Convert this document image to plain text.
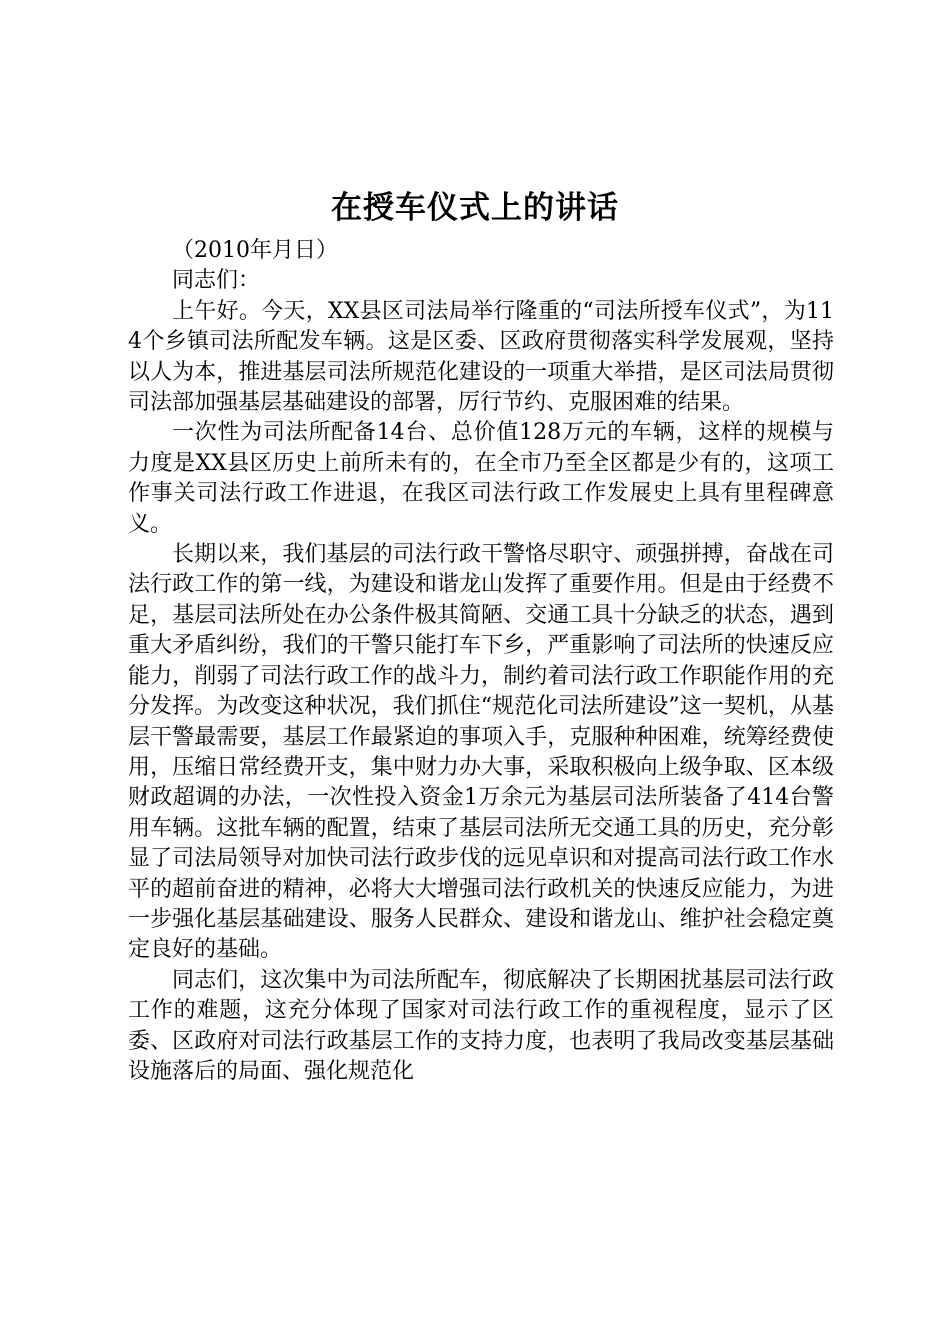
在授车仪式上的讲话

（2010年月日）

同志们：

上午好。今天，XX县区司法局举行隆重的“司法所授车仪式”，为114个乡镇司法所配发车辆。这是区委、区政府贯彻落实科学发展观，坚持以人为本，推进基层司法所规范化建设的一项重大举措，是区司法局贯彻司法部加强基层基础建设的部署，厉行节约、克服困难的结果。

一次性为司法所配备14台、总价值128万元的车辆，这样的规模与力度是XX县区历史上前所未有的，在全市乃至全区都是少有的，这项工作事关司法行政工作进退，在我区司法行政工作发展史上具有里程碑意义。

长期以来，我们基层的司法行政干警恪尽职守、顽强拼搏，奋战在司法行政工作的第一线，为建设和谐龙山发挥了重要作用。但是由于经费不足，基层司法所处在办公条件极其简陋、交通工具十分缺乏的状态，遇到重大矛盾纠纷，我们的干警只能打车下乡，严重影响了司法所的快速反应能力，削弱了司法行政工作的战斗力，制约着司法行政工作职能作用的充分发挥。为改变这种状况，我们抓住“规范化司法所建设”这一契机，从基层干警最需要，基层工作最紧迫的事项入手，克服种种困难，统筹经费使用，压缩日常经费开支，集中财力办大事，采取积极向上级争取、区本级财政超调的办法，一次性投入资金1万余元为基层司法所装备了414台警用车辆。这批车辆的配置，结束了基层司法所无交通工具的历史，充分彰显了司法局领导对加快司法行政步伐的远见卓识和对提高司法行政工作水平的超前奋进的精神，必将大大增强司法行政机关的快速反应能力，为进一步强化基层基础建设、服务人民群众、建设和谐龙山、维护社会稳定奠定良好的基础。

同志们，这次集中为司法所配车，彻底解决了长期困扰基层司法行政工作的难题，这充分体现了国家对司法行政工作的重视程度，显示了区委、区政府对司法行政基层工作的支持力度，也表明了我局改变基层基础设施落后的局面、强化规范化
